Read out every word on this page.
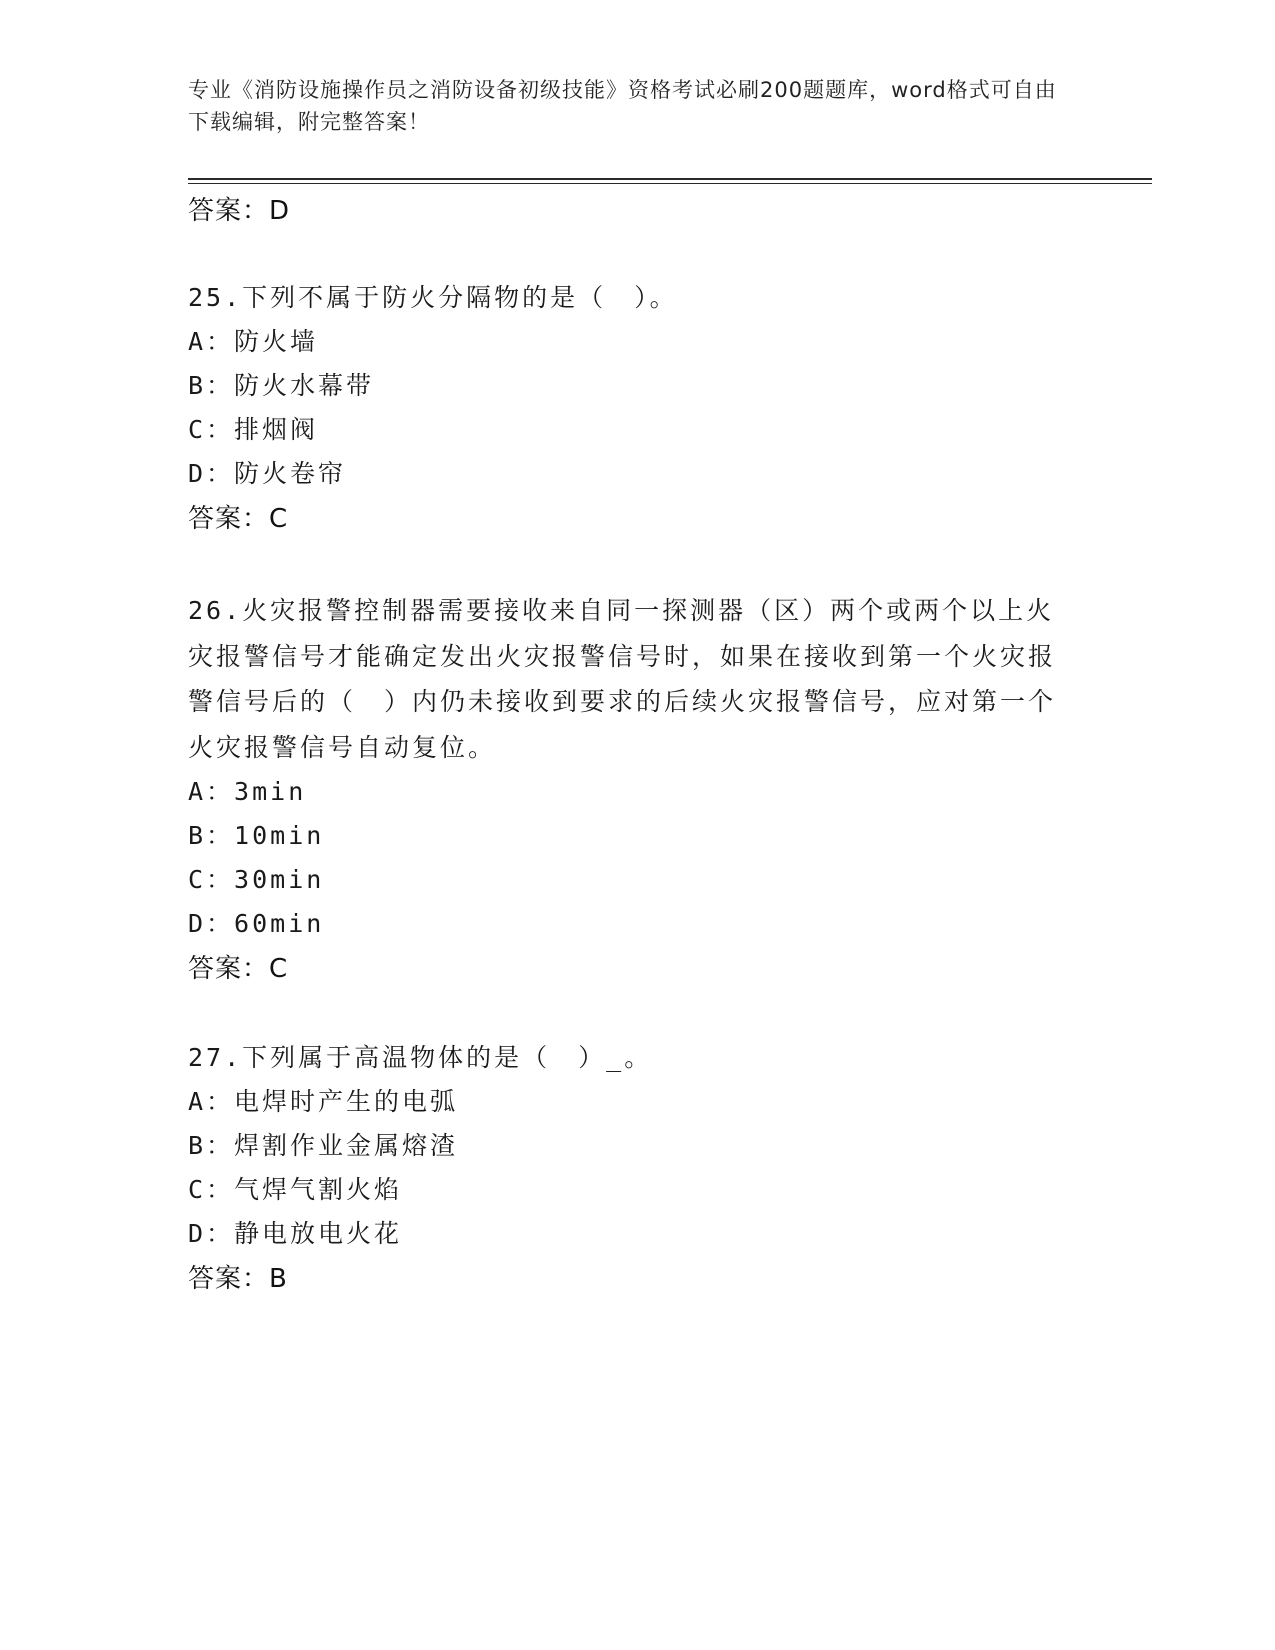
专业《消防设施操作员之消防设备初级技能》资格考试必刷200题题库，word格式可自由下载编辑，附完整答案！
答案：D
25.下列不属于防火分隔物的是（　）。
A：防火墙
B：防火水幕带
C：排烟阀
D：防火卷帘
答案：C
26.火灾报警控制器需要接收来自同一探测器（区）两个或两个以上火灾报警信号才能确定发出火灾报警信号时，如果在接收到第一个火灾报警信号后的（　）内仍未接收到要求的后续火灾报警信号，应对第一个火灾报警信号自动复位。
A：3min
B：10min
C：30min
D：60min
答案：C
27.下列属于高温物体的是（　）_。
A：电焊时产生的电弧
B：焊割作业金属熔渣
C：气焊气割火焰
D：静电放电火花
答案：B
